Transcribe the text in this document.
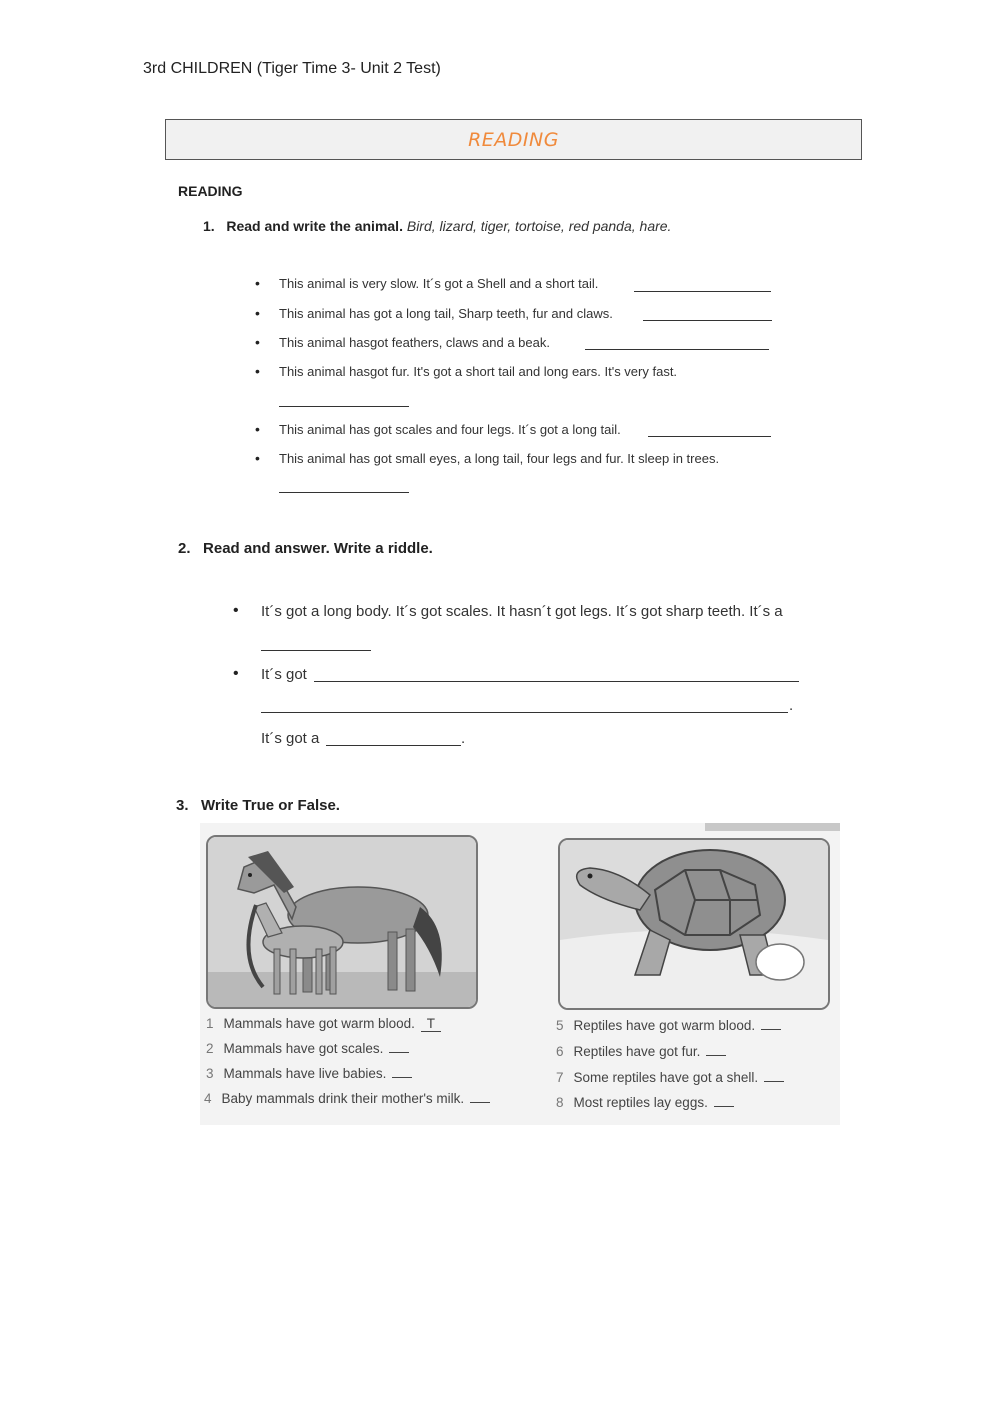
3rd CHILDREN (Tiger Time 3- Unit 2 Test)
READING
READING
1. Read and write the animal. Bird, lizard, tiger, tortoise, red panda, hare.
• This animal is very slow. It´s got a Shell and a short tail.
• This animal has got a long tail, Sharp teeth, fur and claws.
• This animal hasgot feathers, claws and a beak.
• This animal hasgot fur. It's got a short tail and long ears. It's very fast.
• This animal has got scales and four legs. It´s got a long tail.
• This animal has got small eyes, a long tail, four legs and fur. It sleep in trees.
2. Read and answer. Write a riddle.
• It´s got a long body. It´s got scales. It hasn´t got legs. It´s got sharp teeth. It´s a
• It´s got
.
It´s got a	.
3. Write True or False.
1 Mammals have got warm blood. T
2 Mammals have got scales.
3 Mammals have live babies.
4 Baby mammals drink their mother's milk.
5 Reptiles have got warm blood.
6 Reptiles have got fur.
7 Some reptiles have got a shell.
8 Most reptiles lay eggs.
